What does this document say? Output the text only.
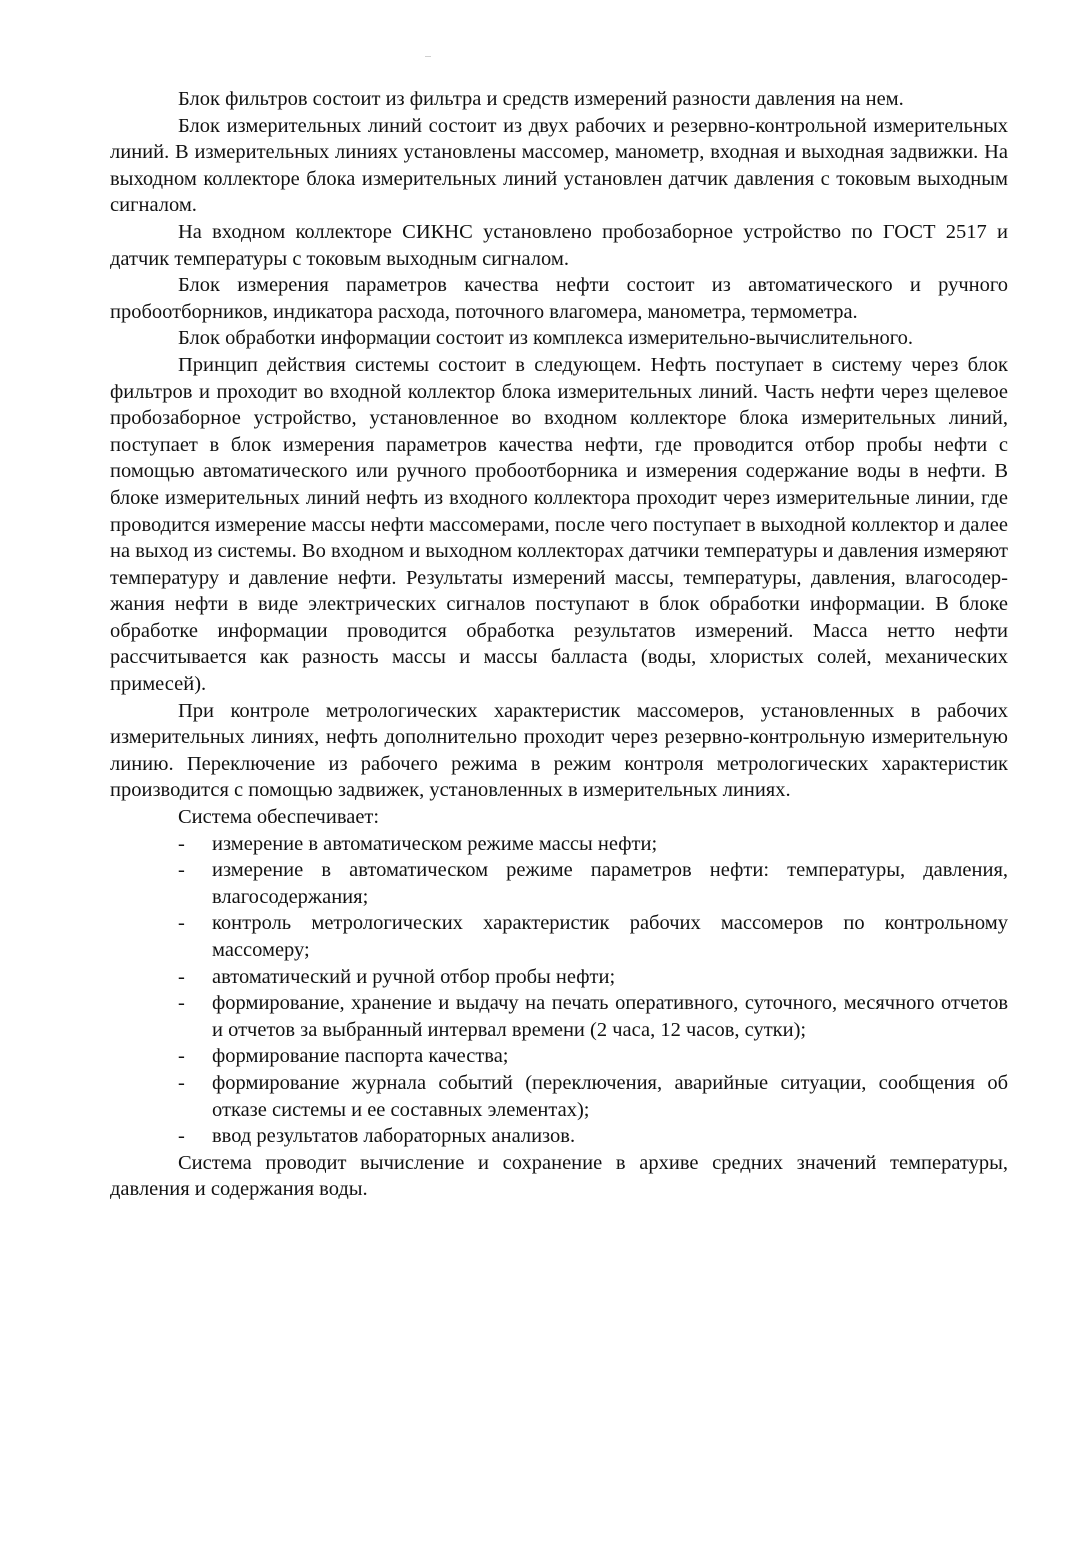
Блок фильтров состоит из фильтра и средств измерений разности давления на нем.

Блок измерительных линий состоит из двух рабочих и резервно-контрольной измерительных линий. В измерительных линиях установлены массомер, манометр, входная и выходная задвижки. На выходном коллекторе блока измерительных линий установлен датчик давления с токовым выходным сигналом.

На входном коллекторе СИКНС установлено пробозаборное устройство по ГОСТ 2517 и датчик температуры с токовым выходным сигналом.

Блок измерения параметров качества нефти состоит из автоматического и ручного пробоотборников, индикатора расхода, поточного влагомера, манометра, термометра.

Блок обработки информации состоит из комплекса измерительно-вычислительного.

Принцип действия системы состоит в следующем. Нефть поступает в систему через блок фильтров и проходит во входной коллектор блока измерительных линий. Часть нефти через щелевое пробозаборное устройство, установленное во входном коллекторе блока измерительных линий, поступает в блок измерения параметров качества нефти, где проводится отбор пробы нефти с помощью автоматического или ручного пробоотборника и измерения содержание воды в нефти. В блоке измерительных линий нефть из входного коллектора проходит через измерительные линии, где проводится измерение массы нефти массомерами, после чего поступает в выходной коллектор и далее на выход из системы. Во входном и выходном коллекторах датчики температуры и давления измеряют температуру и давление нефти. Результаты измерений массы, температуры, давления, влагосодержания нефти в виде электрических сигналов поступают в блок обработки информации. В блоке обработке информации проводится обработка результатов измерений. Масса нетто нефти рассчитывается как разность массы и массы балласта (воды, хлористых солей, механических примесей).

При контроле метрологических характеристик массомеров, установленных в рабочих измерительных линиях, нефть дополнительно проходит через резервно-контрольную измерительную линию. Переключение из рабочего режима в режим контроля метрологических характеристик производится с помощью задвижек, установленных в измерительных линиях.

Система обеспечивает:

-	измерение в автоматическом режиме массы нефти;
-	измерение в автоматическом режиме параметров нефти: температуры, давления, влагосодержания;
-	контроль метрологических характеристик рабочих массомеров по контрольному массомеру;
-	автоматический и ручной отбор пробы нефти;
-	формирование, хранение и выдачу на печать оперативного, суточного, месячного отчетов и отчетов за выбранный интервал времени (2 часа, 12 часов, сутки);
-	формирование паспорта качества;
-	формирование журнала событий (переключения, аварийные ситуации, сообщения об отказе системы и ее составных элементах);
-	ввод результатов лабораторных анализов.

Система проводит вычисление и сохранение в архиве средних значений температуры, давления и содержания воды.
